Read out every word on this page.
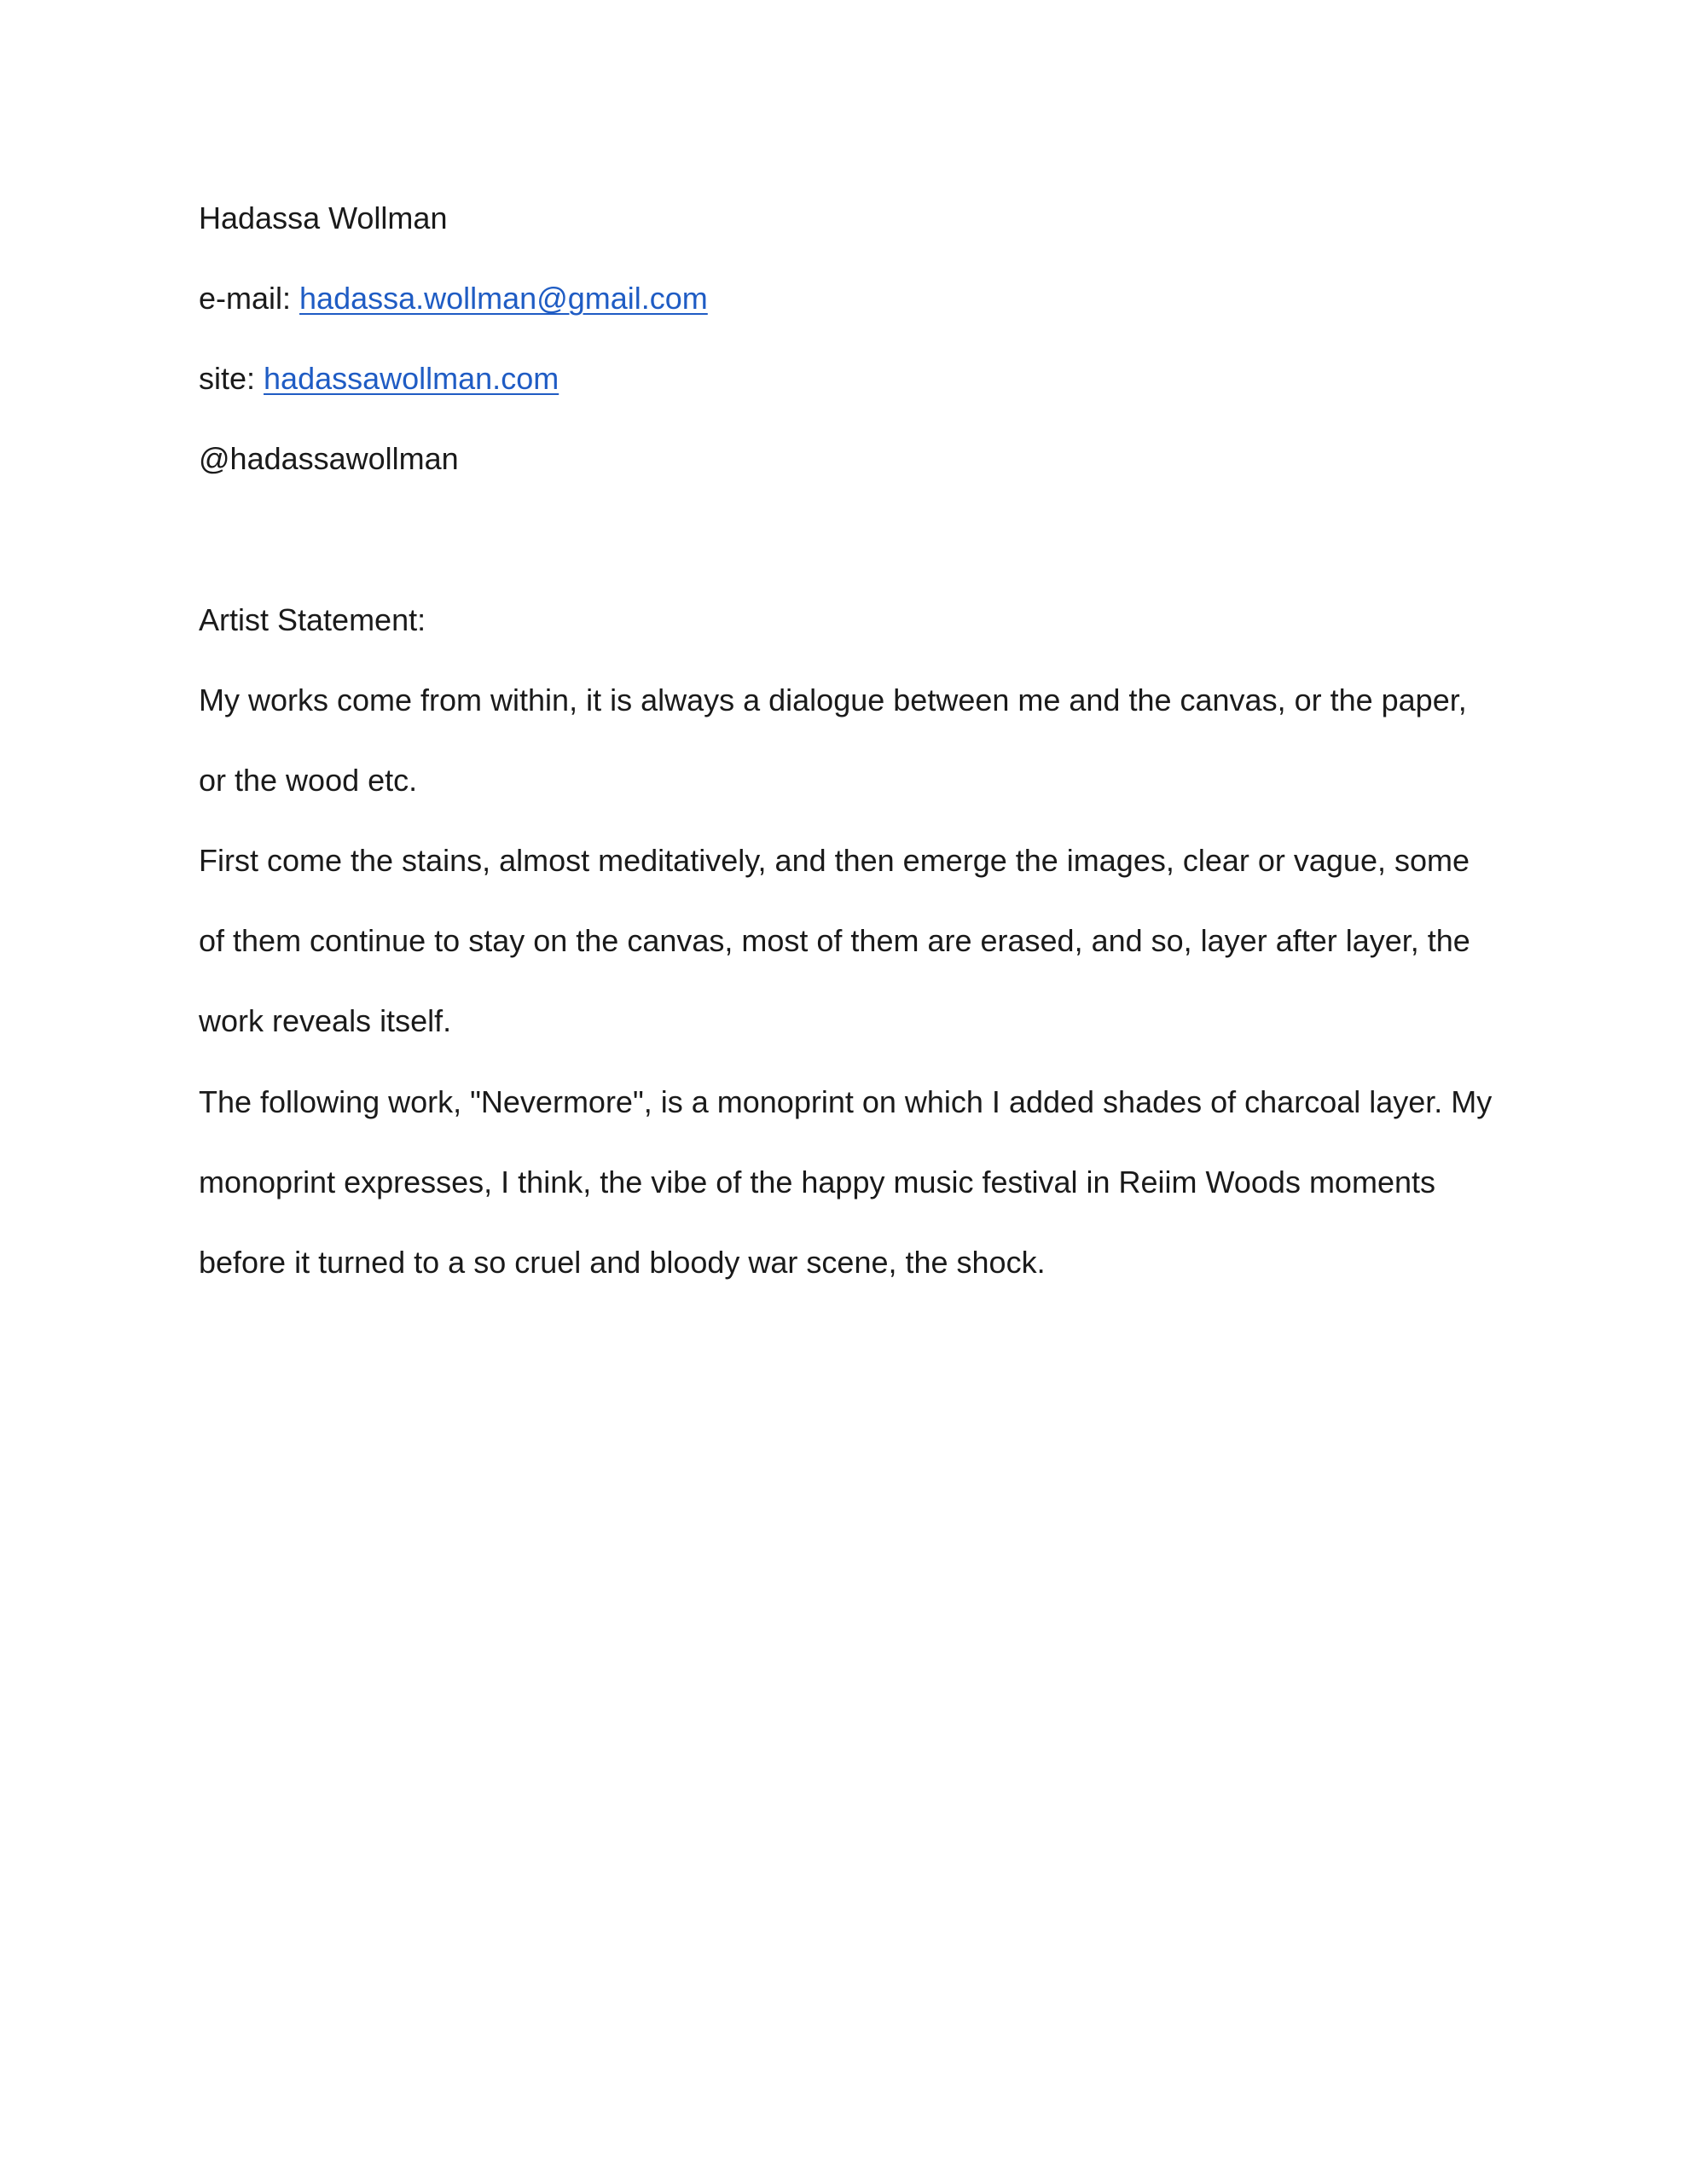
Hadassa Wollman
e-mail: hadassa.wollman@gmail.com
site: hadassawollman.com
@hadassawollman
Artist Statement:
My works come from within, it is always a dialogue between me and the canvas, or the paper,
or the wood etc.
First come the stains, almost meditatively, and then emerge the images, clear or vague, some
of them continue to stay on the canvas, most of them are erased, and so, layer after layer, the
work reveals itself.
The following work, "Nevermore", is a monoprint on which I added shades of charcoal layer. My
monoprint expresses, I think, the vibe of the happy music festival in Reiim Woods moments
before it turned to a so cruel and bloody war scene, the shock.
